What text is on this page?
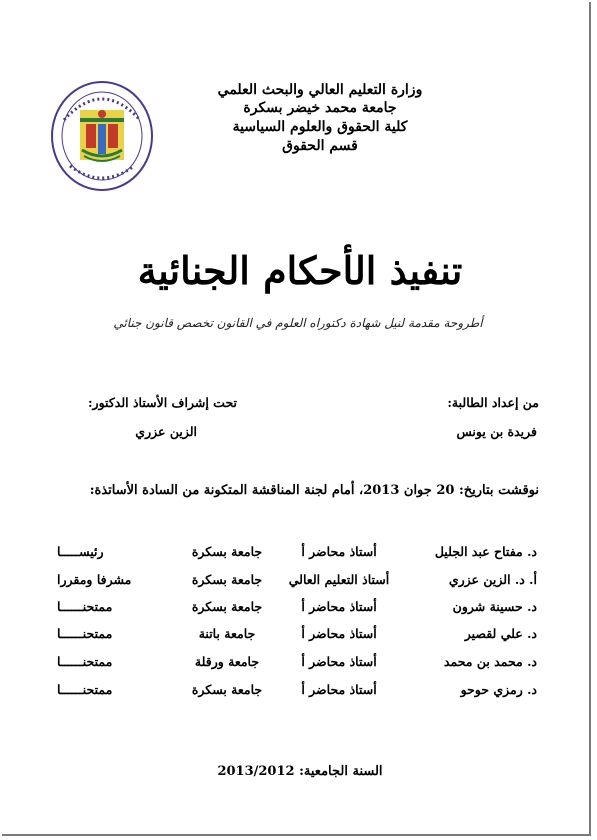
وزارة التعليم العالي والبحث العلمي
جامعة محمد خيضر بسكرة
كلية الحقوق والعلوم السياسية
قسم الحقوق
تنفيذ الأحكام الجنائية
أطروحة مقدمة لنيل شهادة دكتوراه العلوم في القانون تخصص قانون جنائي
من إعداد الطالبة:
فريدة بن يونس
تحت إشراف الأستاذ الدكتور:
الزين عزري
نوقشت بتاريخ: 20 جوان 2013، أمام لجنة المناقشة المتكونة من السادة الأساتذة:
د. مفتاح عبد الجليل
أستاذ محاضر أ
جامعة بسكرة
رئيســـــا
أ. د. الزين عزري
أستاذ التعليم العالي
جامعة بسكرة
مشرفا ومقررا
د. حسينة شرون
أستاذ محاضر أ
جامعة بسكرة
ممتحنــــــا
د. علي لقصير
أستاذ محاضر أ
جامعة باتنة
ممتحنــــــا
د. محمد بن محمد
أستاذ محاضر أ
جامعة ورقلة
ممتحنــــــا
د. رمزي حوحو
أستاذ محاضر أ
جامعة بسكرة
ممتحنــــــا
السنة الجامعية: 2013/2012
